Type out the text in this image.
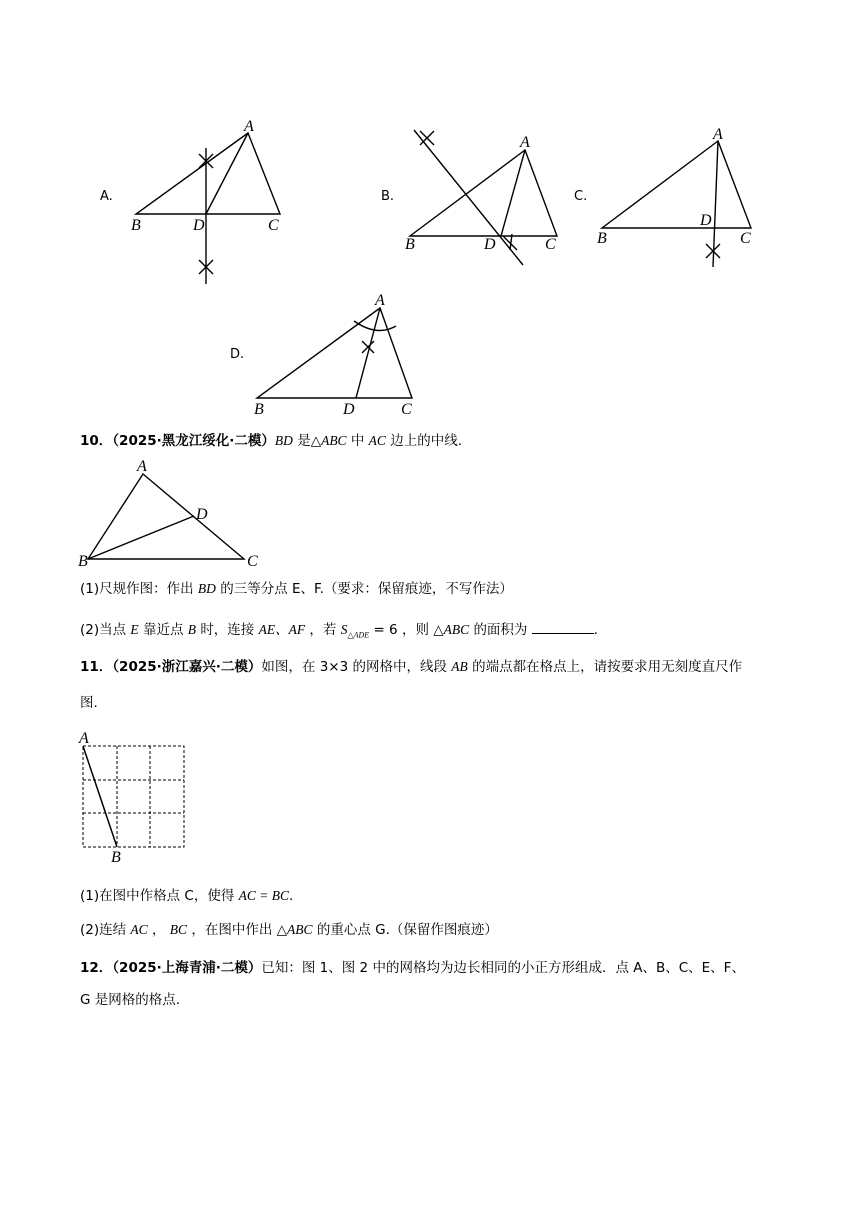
A.
A
B	D	C
B.
A
B	D	C
C.
A
B
D
C
D.
A
B	D	C
10．（2025·黑龙江绥化·二模）BD 是△ABC 中 AC 边上的中线.
A
D
B	C
(1)尺规作图：作出 BD 的三等分点 E、F.（要求：保留痕迹，不写作法）
(2)当点 E 靠近点 B 时，连接 AE、AF ，若 $S_{\triangle ADE} = 6$ ，则 △ABC 的面积为	.
11．（2025·浙江嘉兴·二模）如图，在 3×3 的网格中，线段 AB 的端点都在格点上，请按要求用无刻度直尺作
图.
A
B
(1)在图中作格点 C，使得 AC = BC.
(2)连结 AC ， BC ，在图中作出 △ABC 的重心点 G.（保留作图痕迹）
12．（2025·上海青浦·二模）已知：图 1、图 2 中的网格均为边长相同的小正方形组成．点 A、B、C、E、F、
G 是网格的格点.
